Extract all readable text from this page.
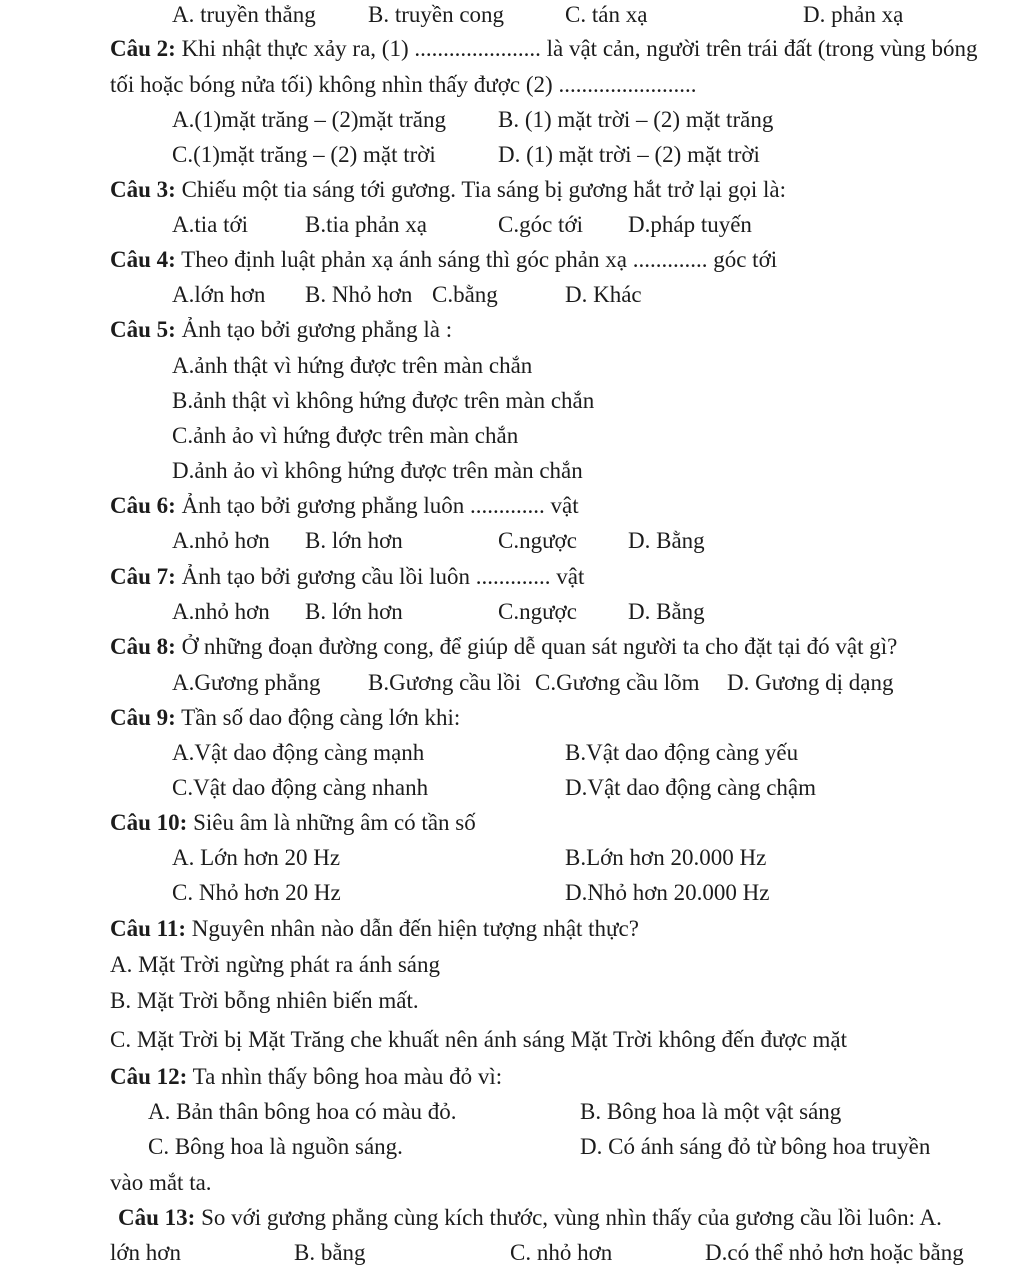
A. truyền thẳng B. truyền cong	C. tán xạ	D. phản xạ
Câu 2: Khi nhật thực xảy ra, (1) ...................... là vật cản, người trên trái đất (trong vùng bóng
tối hoặc bóng nửa tối) không nhìn thấy được (2) ........................
A.(1)mặt trăng – (2)mặt trăng B. (1) mặt trời – (2) mặt trăng
C.(1)mặt trăng – (2) mặt trời	D. (1) mặt trời – (2) mặt trời
Câu 3: Chiếu một tia sáng tới gương. Tia sáng bị gương hắt trở lại gọi là:
A.tia tới B.tia phản xạ	C.góc tới D.pháp tuyến
Câu 4: Theo định luật phản xạ ánh sáng thì góc phản xạ ............. góc tới
A.lớn hơn B. Nhỏ hơn C.bằng	D. Khác
Câu 5: Ảnh tạo bởi gương phẳng là :
A.ảnh thật vì hứng được trên màn chắn
B.ảnh thật vì không hứng được trên màn chắn
C.ảnh ảo vì hứng được trên màn chắn
D.ảnh ảo vì không hứng được trên màn chắn
Câu 6: Ảnh tạo bởi gương phẳng luôn ............. vật
A.nhỏ hơn B. lớn hơn	C.ngược D. Bằng
Câu 7: Ảnh tạo bởi gương cầu lồi luôn ............. vật
A.nhỏ hơn B. lớn hơn	C.ngược D. Bằng
Câu 8: Ở những đoạn đường cong, để giúp dễ quan sát người ta cho đặt tại đó vật gì?
A.Gương phẳng B.Gương cầu lồi C.Gương cầu lõm D. Gương dị dạng
Câu 9: Tần số dao động càng lớn khi:
A.Vật dao động càng mạnh	B.Vật dao động càng yếu
C.Vật dao động càng nhanh	D.Vật dao động càng chậm
Câu 10: Siêu âm là những âm có tần số
A. Lớn hơn 20 Hz	B.Lớn hơn 20.000 Hz
C. Nhỏ hơn 20 Hz	D.Nhỏ hơn 20.000 Hz
Câu 11: Nguyên nhân nào dẫn đến hiện tượng nhật thực?
A. Mặt Trời ngừng phát ra ánh sáng
B. Mặt Trời bỗng nhiên biến mất.
C. Mặt Trời bị Mặt Trăng che khuất nên ánh sáng Mặt Trời không đến được mặt
Câu 12: Ta nhìn thấy bông hoa màu đỏ vì:
A. Bản thân bông hoa có màu đỏ.	B. Bông hoa là một vật sáng
C. Bông hoa là nguồn sáng.	D. Có ánh sáng đỏ từ bông hoa truyền
vào mắt ta.
Câu 13: So với gương phẳng cùng kích thước, vùng nhìn thấy của gương cầu lồi luôn: A.
lớn hơn	B. bằng	C. nhỏ hơn	D.có thể nhỏ hơn hoặc bằng
